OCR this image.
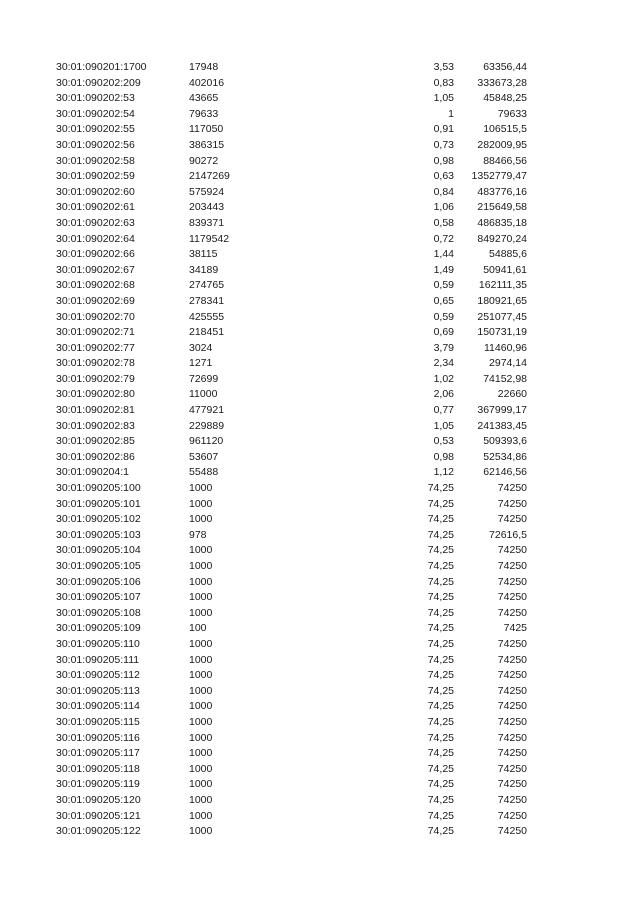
30:01:090201:1700	17948		3,53	63356,44
30:01:090202:209	402016		0,83	333673,28
30:01:090202:53	43665		1,05	45848,25
30:01:090202:54	79633		1	79633
30:01:090202:55	117050		0,91	106515,5
30:01:090202:56	386315		0,73	282009,95
30:01:090202:58	90272		0,98	88466,56
30:01:090202:59	2147269		0,63	1352779,47
30:01:090202:60	575924		0,84	483776,16
30:01:090202:61	203443		1,06	215649,58
30:01:090202:63	839371		0,58	486835,18
30:01:090202:64	1179542		0,72	849270,24
30:01:090202:66	38115		1,44	54885,6
30:01:090202:67	34189		1,49	50941,61
30:01:090202:68	274765		0,59	162111,35
30:01:090202:69	278341		0,65	180921,65
30:01:090202:70	425555		0,59	251077,45
30:01:090202:71	218451		0,69	150731,19
30:01:090202:77	3024		3,79	11460,96
30:01:090202:78	1271		2,34	2974,14
30:01:090202:79	72699		1,02	74152,98
30:01:090202:80	11000		2,06	22660
30:01:090202:81	477921		0,77	367999,17
30:01:090202:83	229889		1,05	241383,45
30:01:090202:85	961120		0,53	509393,6
30:01:090202:86	53607		0,98	52534,86
30:01:090204:1	55488		1,12	62146,56
30:01:090205:100	1000		74,25	74250
30:01:090205:101	1000		74,25	74250
30:01:090205:102	1000		74,25	74250
30:01:090205:103	978		74,25	72616,5
30:01:090205:104	1000		74,25	74250
30:01:090205:105	1000		74,25	74250
30:01:090205:106	1000		74,25	74250
30:01:090205:107	1000		74,25	74250
30:01:090205:108	1000		74,25	74250
30:01:090205:109	100		74,25	7425
30:01:090205:110	1000		74,25	74250
30:01:090205:111	1000		74,25	74250
30:01:090205:112	1000		74,25	74250
30:01:090205:113	1000		74,25	74250
30:01:090205:114	1000		74,25	74250
30:01:090205:115	1000		74,25	74250
30:01:090205:116	1000		74,25	74250
30:01:090205:117	1000		74,25	74250
30:01:090205:118	1000		74,25	74250
30:01:090205:119	1000		74,25	74250
30:01:090205:120	1000		74,25	74250
30:01:090205:121	1000		74,25	74250
30:01:090205:122	1000		74,25	74250
